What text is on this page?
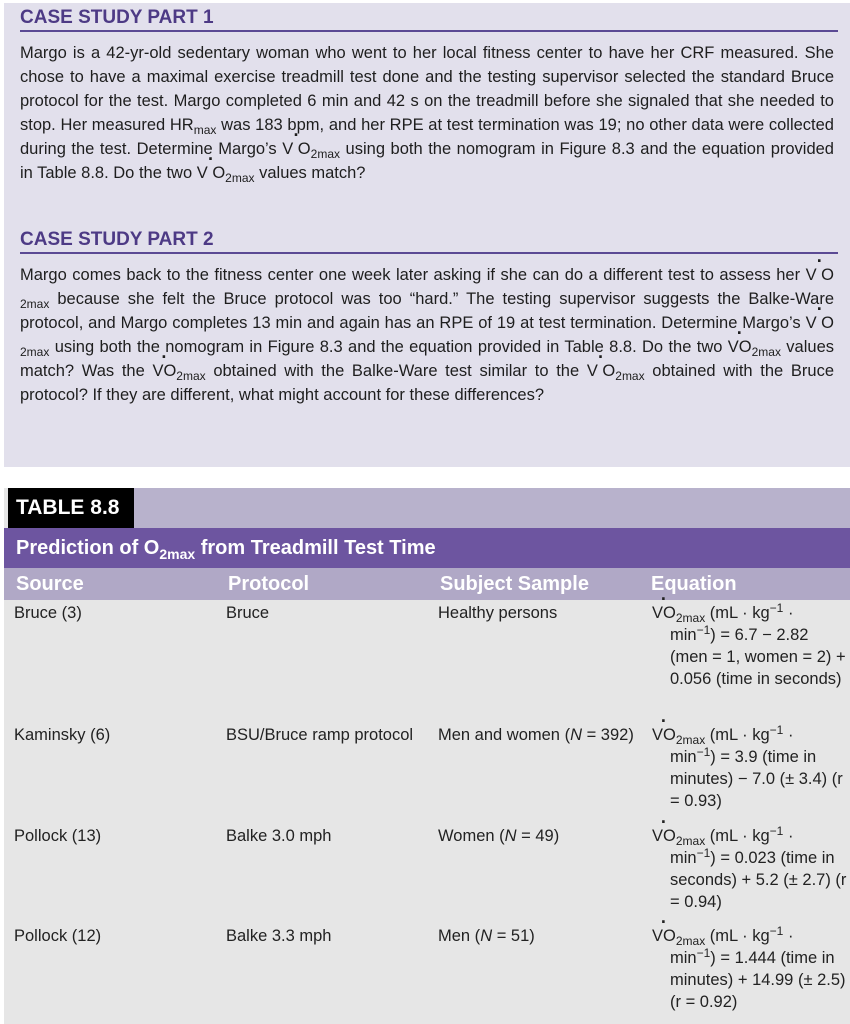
CASE STUDY PART 1
Margo is a 42-yr-old sedentary woman who went to her local fitness center to have her CRF measured. She chose to have a maximal exercise treadmill test done and the testing supervisor selected the standard Bruce protocol for the test. Margo completed 6 min and 42 s on the treadmill before she signaled that she needed to stop. Her measured $HR_{max}$ was 183 bpm, and her RPE at test termination was 19; no other data were collected during the test. Determine Margo’s · V $O_{2max}$ using both the nomogram in Figure 8.3 and the equation provided in Table 8.8. Do the two · V $O_{2max}$ values match?
CASE STUDY PART 2
Margo comes back to the fitness center one week later asking if she can do a different test to assess her · V $O_{2max}$ because she felt the Bruce protocol was too “hard.” The testing supervisor suggests the Balke-Ware protocol, and Margo completes 13 min and again has an RPE of 19 at test termination. Determine Margo’s · V $O_{2max}$ using both the nomogram in Figure 8.3 and the equation provided in Table 8.8. Do the two · $VO_{2max}$ values match? Was the · $VO_{2max}$ obtained with the Balke-Ware test similar to the · V $O_{2max}$ obtained with the Bruce protocol? If they are different, what might account for these differences?
TABLE 8.8
Prediction of $O_{2max}$ from Treadmill Test Time
Source	Protocol	Subject Sample	Equation
Bruce (3)	Bruce	Healthy persons
·	$VO_{2max}$ ($mL \cdot kg^{-1}$ ·
$\min^{-1}) = 6.7 - 2.82$ (men = 1, women = 2) + 0.056 (time in seconds)
Kaminsky (6)	BSU/Bruce ramp protocol Men and women (N = 392)
· $VO_{2max}$ ($mL \cdot kg^{-1}$ ·
$\min^{-1}) = 3.9$ (time in minutes) − 7.0 (± 3.4) (r = 0.93)
Pollock (13)	Balke 3.0 mph	Women (N = 49)
·	$VO_{2max}$ ($mL \cdot kg^{-1}$ ·
$\min^{-1}) = 0.023$ (time in seconds) + 5.2 (± 2.7) (r = 0.94)
Pollock (12)	Balke 3.3 mph	Men (N = 51)
·	$VO_{2max}$ ($mL \cdot kg^{-1}$ ·
$\min^{-1}) = 1.444$ (time in minutes) + 14.99 (± 2.5) (r = 0.92)
